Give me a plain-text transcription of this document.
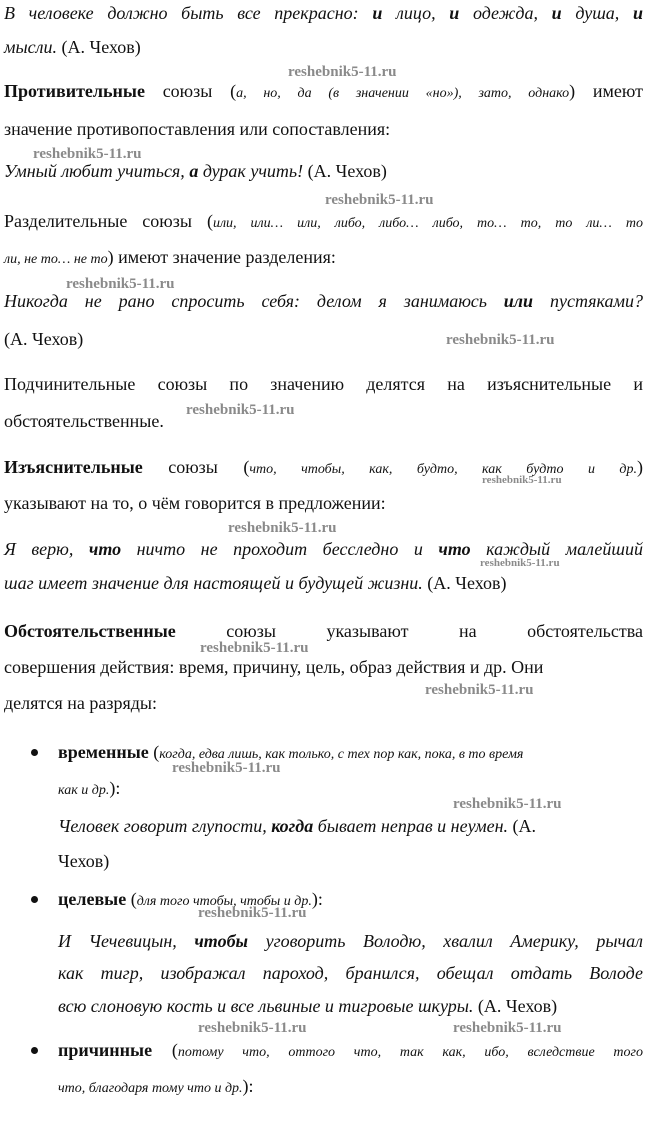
В человеке должно быть все прекрасно: и лицо, и одежда, и душа, и
мысли. (А. Чехов)
Противительные союзы (а, но, да (в значении «но»), зато, однако) имеют
значение противопоставления или сопоставления:
Умный любит учиться, а дурак учить! (А. Чехов)
Разделительные союзы (или, или… или, либо, либо… либо, то… то, то ли… то
ли, не то… не то) имеют значение разделения:
Никогда не рано спросить себя: делом я занимаюсь или пустяками?
(А. Чехов)
Подчинительные союзы по значению делятся на изъяснительные и
обстоятельственные.
Изъяснительные союзы (что, чтобы, как, будто, как будто и др.)
указывают на то, о чём говорится в предложении:
Я верю, что ничто не проходит бесследно и что каждый малейший
шаг имеет значение для настоящей и будущей жизни. (А. Чехов)
Обстоятельственные союзы указывают на обстоятельства
совершения действия: время, причину, цель, образ действия и др. Они
делятся на разряды:
временные (когда, едва лишь, как только, с тех пор как, пока, в то время
как и др.):
Человек говорит глупости, когда бывает неправ и неумен. (А.
Чехов)
целевые (для того чтобы, чтобы и др.):
И Чечевицын, чтобы уговорить Володю, хвалил Америку, рычал
как тигр, изображал пароход, бранился, обещал отдать Володе
всю слоновую кость и все львиные и тигровые шкуры. (А. Чехов)
причинные (потому что, оттого что, так как, ибо, вследствие того
что, благодаря тому что и др.):
reshebnik5-11.ru
reshebnik5-11.ru
reshebnik5-11.ru
reshebnik5-11.ru
reshebnik5-11.ru
reshebnik5-11.ru
reshebnik5-11.ru
reshebnik5-11.ru
reshebnik5-11.ru
reshebnik5-11.ru
reshebnik5-11.ru
reshebnik5-11.ru
reshebnik5-11.ru
reshebnik5-11.ru
reshebnik5-11.ru	reshebnik5-11.ru
